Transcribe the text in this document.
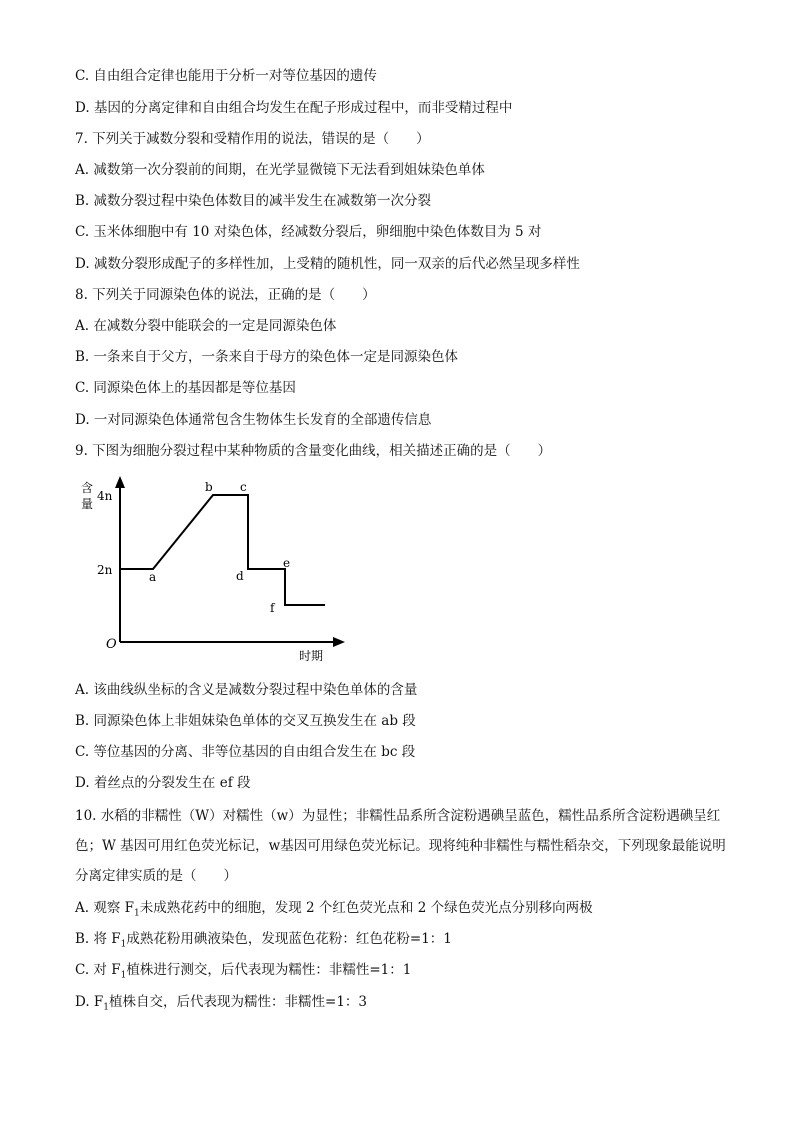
C. 自由组合定律也能用于分析一对等位基因的遗传
D. 基因的分离定律和自由组合均发生在配子形成过程中，而非受精过程中
7. 下列关于减数分裂和受精作用的说法，错误的是（　　）
A. 减数第一次分裂前的间期，在光学显微镜下无法看到姐妹染色单体
B. 减数分裂过程中染色体数目的减半发生在减数第一次分裂
C. 玉米体细胞中有 10 对染色体，经减数分裂后，卵细胞中染色体数目为 5 对
D. 减数分裂形成配子的多样性加，上受精的随机性，同一双亲的后代必然呈现多样性
8. 下列关于同源染色体的说法，正确的是（　　）
A. 在减数分裂中能联会的一定是同源染色体
B. 一条来自于父方，一条来自于母方的染色体一定是同源染色体
C. 同源染色体上的基因都是等位基因
D. 一对同源染色体通常包含生物体生长发育的全部遗传信息
9. 下图为细胞分裂过程中某种物质的含量变化曲线，相关描述正确的是（　　）
含
量
时期
O
4n
2n	a
b c
d
e
f
A. 该曲线纵坐标的含义是减数分裂过程中染色单体的含量
B. 同源染色体上非姐妹染色单体的交叉互换发生在 ab 段
C. 等位基因的分离、非等位基因的自由组合发生在 bc 段
D. 着丝点的分裂发生在 ef 段
10. 水稻的非糯性（W）对糯性（w）为显性；非糯性品系所含淀粉遇碘呈蓝色，糯性品系所含淀粉遇碘呈红色；W 基因可用红色荧光标记，w基因可用绿色荧光标记。现将纯种非糯性与糯性稻杂交，下列现象最能说明分离定律实质的是（　　）
A. 观察 $F_1$未成熟花药中的细胞，发现 2 个红色荧光点和 2 个绿色荧光点分别移向两极
B. 将 $F_1$成熟花粉用碘液染色，发现蓝色花粉：红色花粉=1：1
C. 对 $F_1$植株进行测交，后代表现为糯性：非糯性=1：1
D. $F_1$植株自交，后代表现为糯性：非糯性=1：3
